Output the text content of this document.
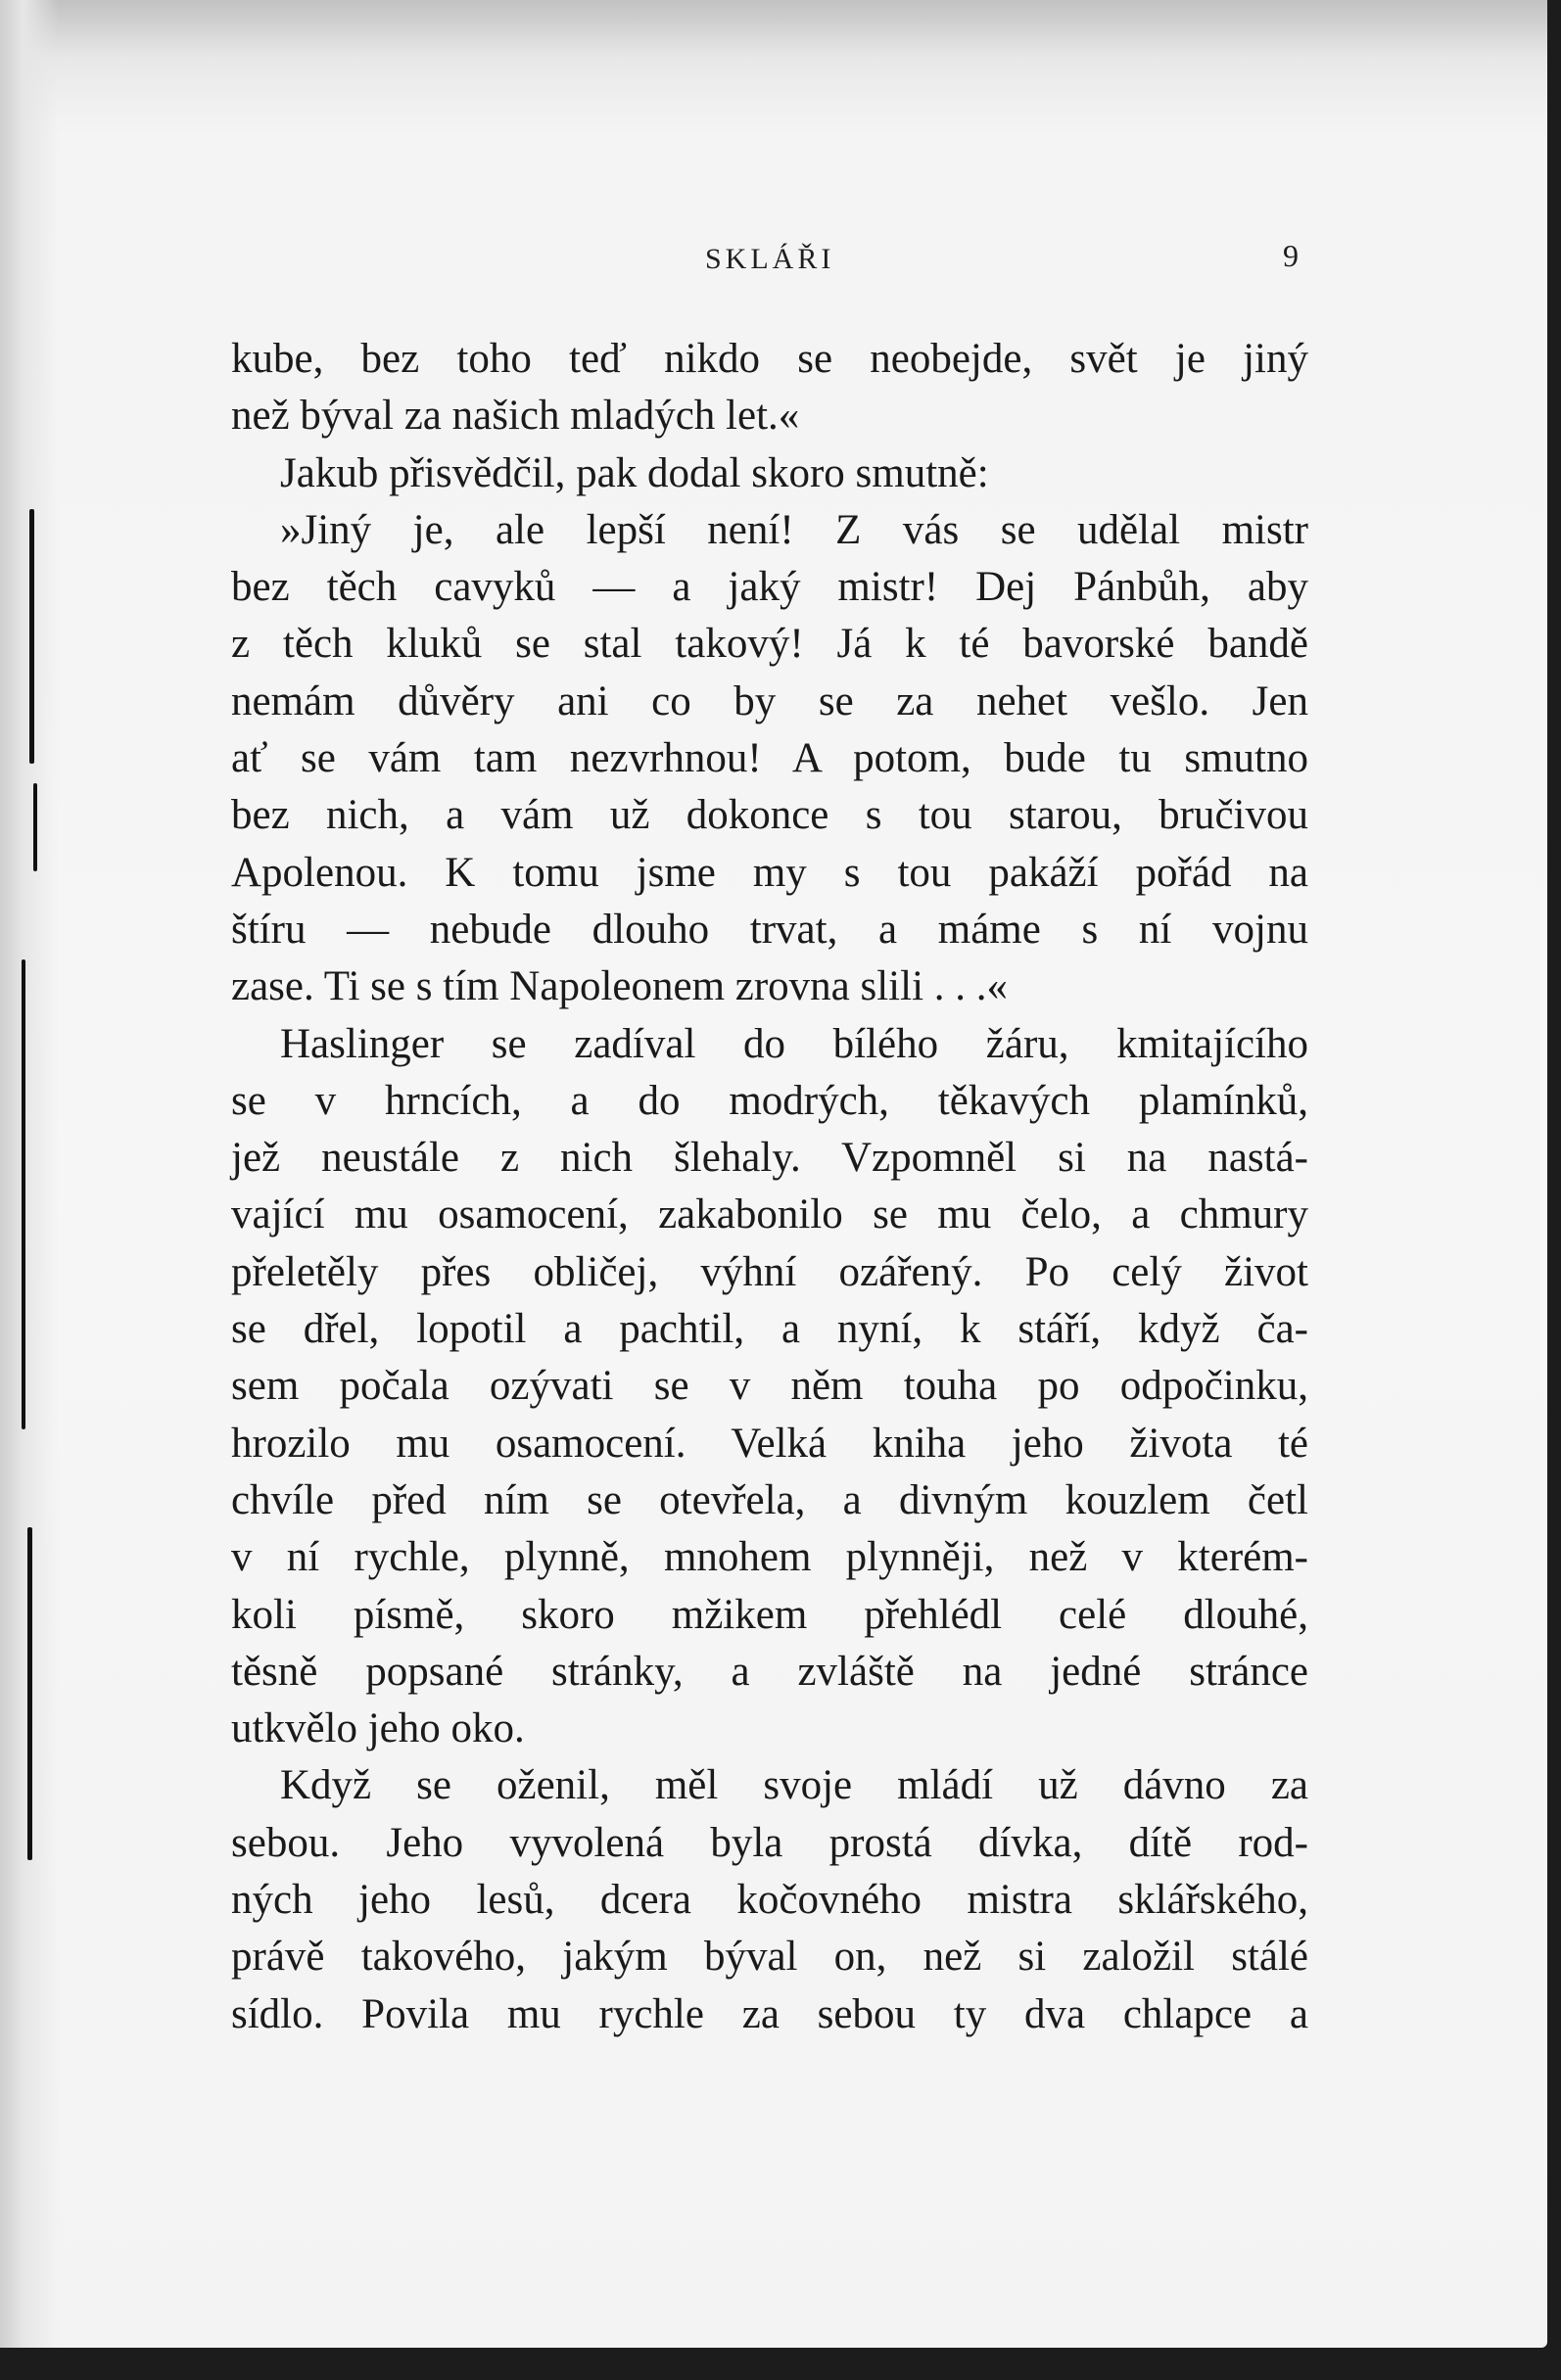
SKLÁŘI	9
kube, bez toho teď nikdo se neobejde, svět je jiný
než býval za našich mladých let.«
Jakub přisvědčil, pak dodal skoro smutně:
»Jiný je, ale lepší není! Z vás se udělal mistr
bez těch cavyků — a jaký mistr! Dej Pánbůh, aby
z těch kluků se stal takový! Já k té bavorské bandě
nemám důvěry ani co by se za nehet vešlo. Jen
ať se vám tam nezvrhnou! A potom, bude tu smutno
bez nich, a vám už dokonce s tou starou, bručivou
Apolenou. K tomu jsme my s tou pakáží pořád na
štíru — nebude dlouho trvat, a máme s ní vojnu
zase. Ti se s tím Napoleonem zrovna slili . . .«
Haslinger se zadíval do bílého žáru, kmitajícího
se v hrncích, a do modrých, těkavých plamínků,
jež neustále z nich šlehaly. Vzpomněl si na nastá-
vající mu osamocení, zakabonilo se mu čelo, a chmury
přeletěly přes obličej, výhní ozářený. Po celý život
se dřel, lopotil a pachtil, a nyní, k stáří, když ča-
sem počala ozývati se v něm touha po odpočinku,
hrozilo mu osamocení. Velká kniha jeho života té
chvíle před ním se otevřela, a divným kouzlem četl
v ní rychle, plynně, mnohem plynněji, než v kterém-
koli písmě, skoro mžikem přehlédl celé dlouhé,
těsně popsané stránky, a zvláště na jedné stránce
utkvělo jeho oko.
Když se oženil, měl svoje mládí už dávno za
sebou. Jeho vyvolená byla prostá dívka, dítě rod-
ných jeho lesů, dcera kočovného mistra sklářského,
právě takového, jakým býval on, než si založil stálé
sídlo. Povila mu rychle za sebou ty dva chlapce a
